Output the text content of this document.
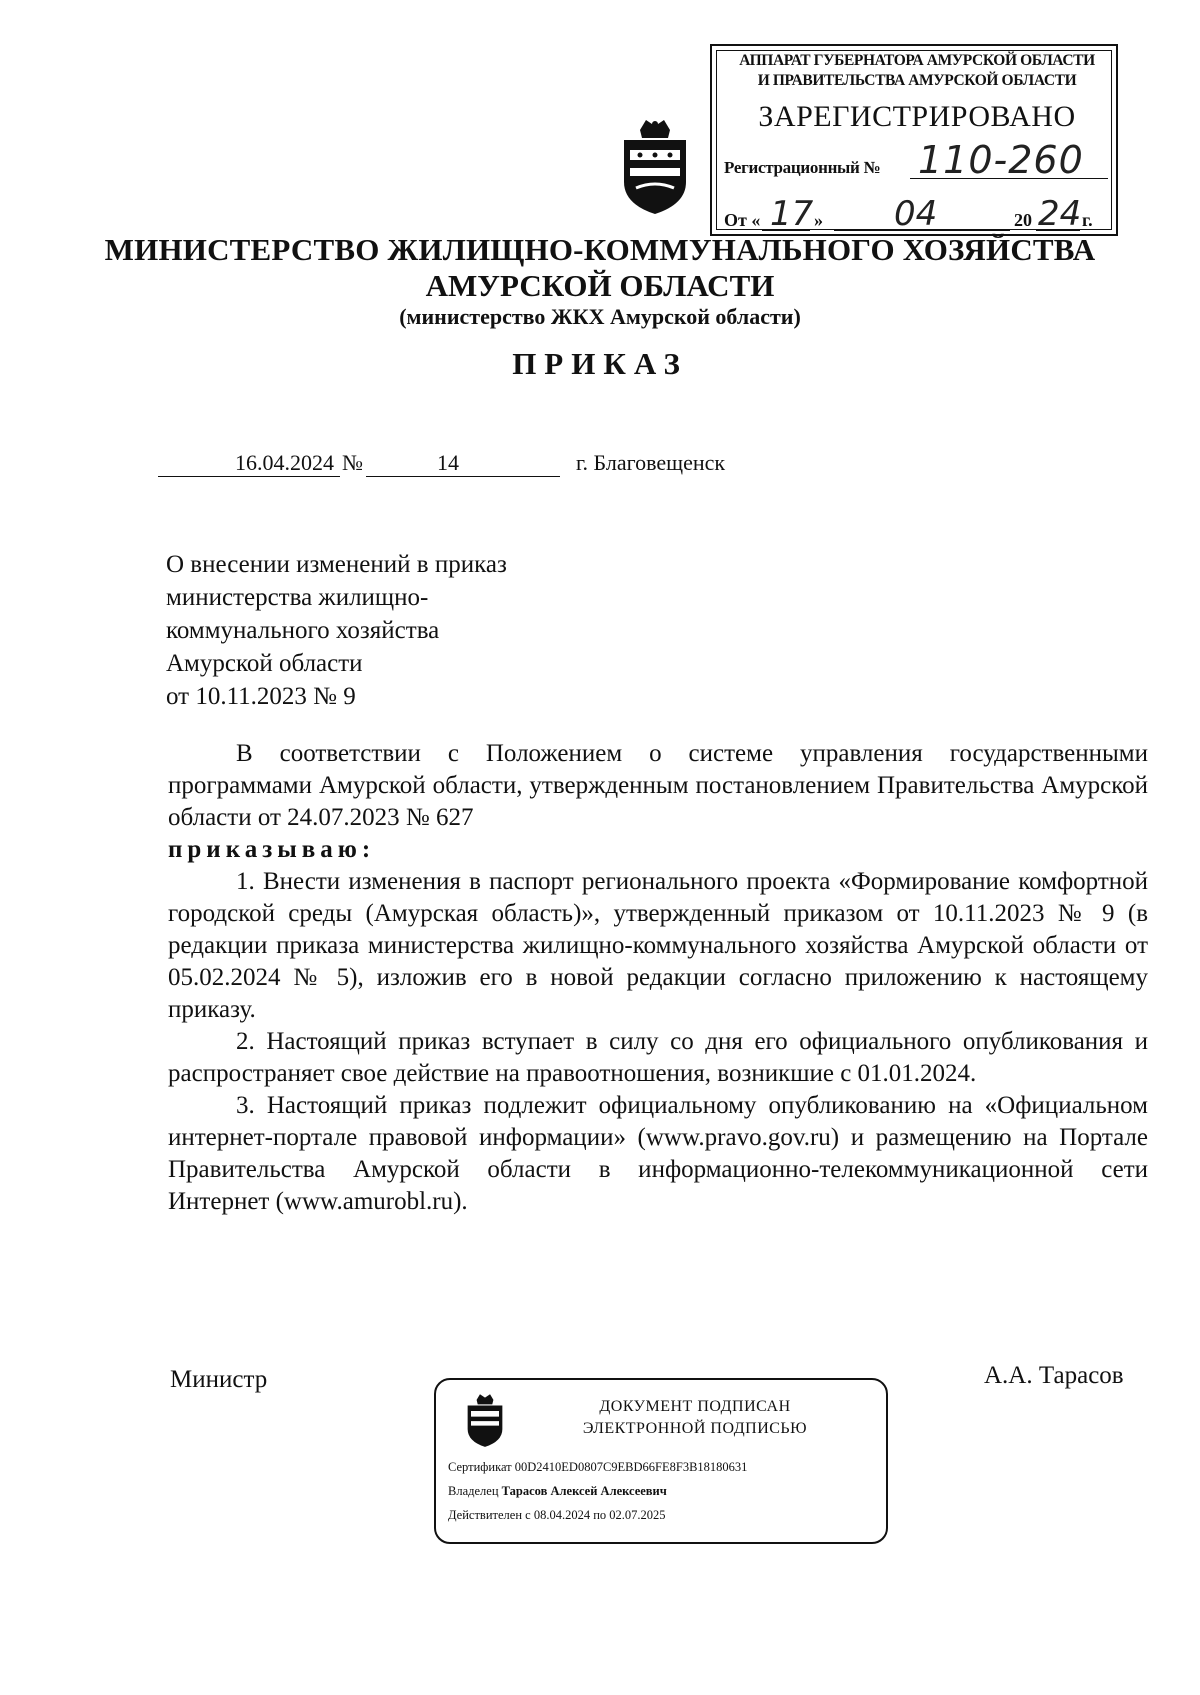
АППАРАТ ГУБЕРНАТОРА АМУРСКОЙ ОБЛАСТИ
И ПРАВИТЕЛЬСТВА АМУРСКОЙ ОБЛАСТИ
ЗАРЕГИСТРИРОВАНО
Регистрационный № 110-260
От « 17 » 04	20 24 г.
МИНИСТЕРСТВО ЖИЛИЩНО-КОММУНАЛЬНОГО ХОЗЯЙСТВА
АМУРСКОЙ ОБЛАСТИ
(министерство ЖКХ Амурской области)
ПРИКАЗ
16.04.2024 №	14	г. Благовещенск
О внесении изменений в приказ
министерства жилищно-
коммунального хозяйства
Амурской области
от 10.11.2023 № 9
В соответствии с Положением о системе управления государственными программами Амурской области, утвержденным постановлением Правительства Амурской области от 24.07.2023 № 627
приказываю:
1. Внести изменения в паспорт регионального проекта «Формирование комфортной городской среды (Амурская область)», утвержденный приказом от 10.11.2023 № 9 (в редакции приказа министерства жилищно-коммунального хозяйства Амурской области от 05.02.2024 № 5), изложив его в новой редакции согласно приложению к настоящему приказу.
2. Настоящий приказ вступает в силу со дня его официального опубликования и распространяет свое действие на правоотношения, возникшие с 01.01.2024.
3. Настоящий приказ подлежит официальному опубликованию на «Официальном интернет-портале правовой информации» (www.pravo.gov.ru) и размещению на Портале Правительства Амурской области в информационно-телекоммуникационной сети Интернет (www.amurobl.ru).
Министр	А.А. Тарасов
ДОКУМЕНТ ПОДПИСАН
ЭЛЕКТРОННОЙ ПОДПИСЬЮ
Сертификат 00D2410ED0807C9EBD66FE8F3B18180631
Владелец Тарасов Алексей Алексеевич
Действителен с 08.04.2024 по 02.07.2025
